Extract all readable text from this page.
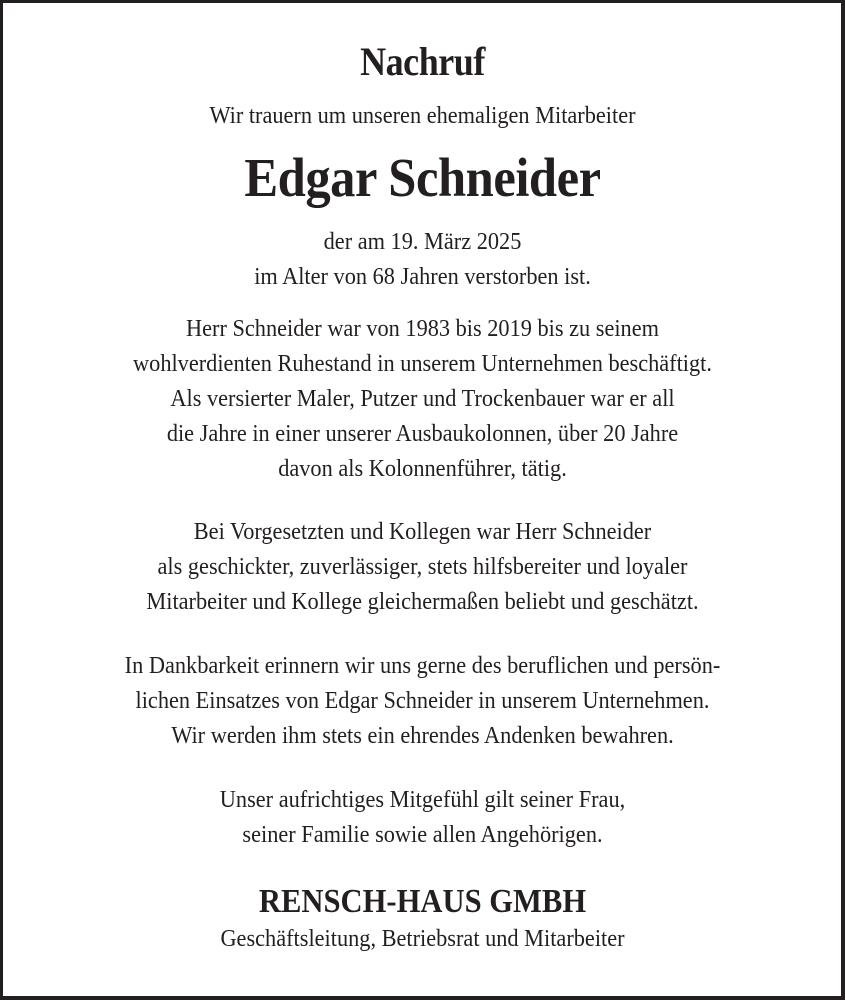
Nachruf
Wir trauern um unseren ehemaligen Mitarbeiter
Edgar Schneider
der am 19. März 2025
im Alter von 68 Jahren verstorben ist.
Herr Schneider war von 1983 bis 2019 bis zu seinem
wohlverdienten Ruhestand in unserem Unternehmen beschäftigt.
Als versierter Maler, Putzer und Trockenbauer war er all
die Jahre in einer unserer Ausbaukolonnen, über 20 Jahre
davon als Kolonnenführer, tätig.
Bei Vorgesetzten und Kollegen war Herr Schneider
als geschickter, zuverlässiger, stets hilfsbereiter und loyaler
Mitarbeiter und Kollege gleichermaßen beliebt und geschätzt.
In Dankbarkeit erinnern wir uns gerne des beruflichen und persön-
lichen Einsatzes von Edgar Schneider in unserem Unternehmen.
Wir werden ihm stets ein ehrendes Andenken bewahren.
Unser aufrichtiges Mitgefühl gilt seiner Frau,
seiner Familie sowie allen Angehörigen.
RENSCH-HAUS GMBH
Geschäftsleitung, Betriebsrat und Mitarbeiter
